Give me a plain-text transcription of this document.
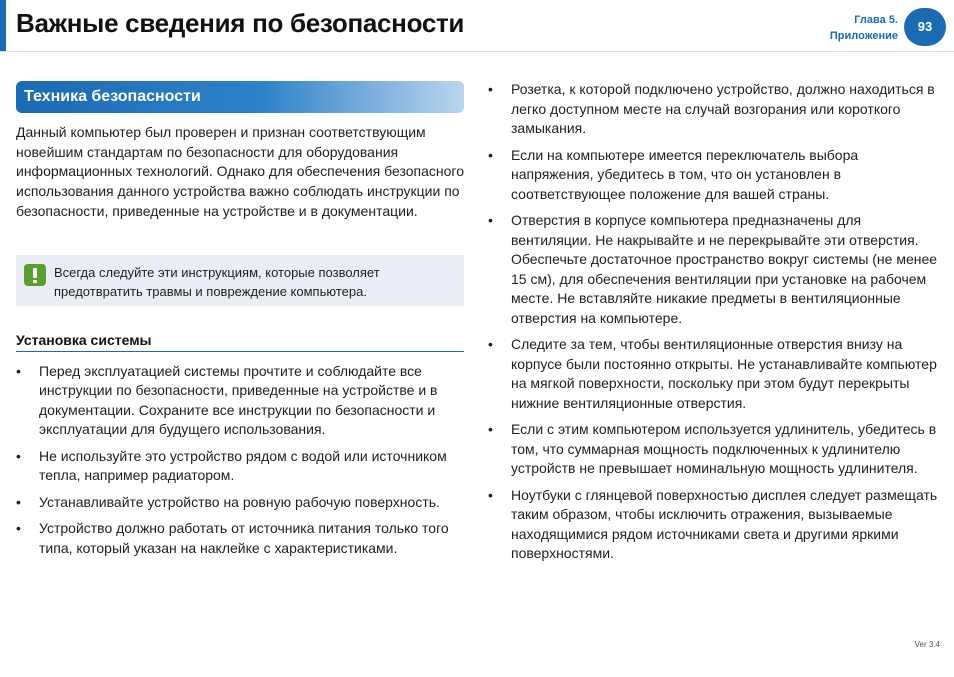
Важные сведения по безопасности	Глава 5.
Приложение
93
Техника безопасности

Данный компьютер был проверен и признан соответствующим новейшим стандартам по безопасности для оборудования информационных технологий. Однако для обеспечения безопасного использования данного устройства важно соблюдать инструкции по безопасности, приведенные на устройстве и в документации.

Всегда следуйте эти инструкциям, которые позволяет предотвратить травмы и повреждение компьютера.
Установка системы
• Перед эксплуатацией системы прочтите и соблюдайте все инструкции по безопасности, приведенные на устройстве и в документации. Сохраните все инструкции по безопасности и эксплуатации для будущего использования.
• Не используйте это устройство рядом с водой или источником тепла, например радиатором.
• Устанавливайте устройство на ровную рабочую поверхность.
• Устройство должно работать от источника питания только того типа, который указан на наклейке с характеристиками.
• Розетка, к которой подключено устройство, должно находиться в легко доступном месте на случай возгорания или короткого замыкания.
• Если на компьютере имеется переключатель выбора напряжения, убедитесь в том, что он установлен в соответствующее положение для вашей страны.
• Отверстия в корпусе компьютера предназначены для вентиляции. Не накрывайте и не перекрывайте эти отверстия. Обеспечьте достаточное пространство вокруг системы (не менее 15 см), для обеспечения вентиляции при установке на рабочем месте. Не вставляйте никакие предметы в вентиляционные отверстия на компьютере.
• Следите за тем, чтобы вентиляционные отверстия внизу на корпусе были постоянно открыты. Не устанавливайте компьютер на мягкой поверхности, поскольку при этом будут перекрыты нижние вентиляционные отверстия.
• Если с этим компьютером используется удлинитель, убедитесь в том, что суммарная мощность подключенных к удлинителю устройств не превышает номинальную мощность удлинителя.
• Ноутбуки с глянцевой поверхностью дисплея следует размещать таким образом, чтобы исключить отражения, вызываемые находящимися рядом источниками света и другими яркими поверхностями.
Ver 3.4
